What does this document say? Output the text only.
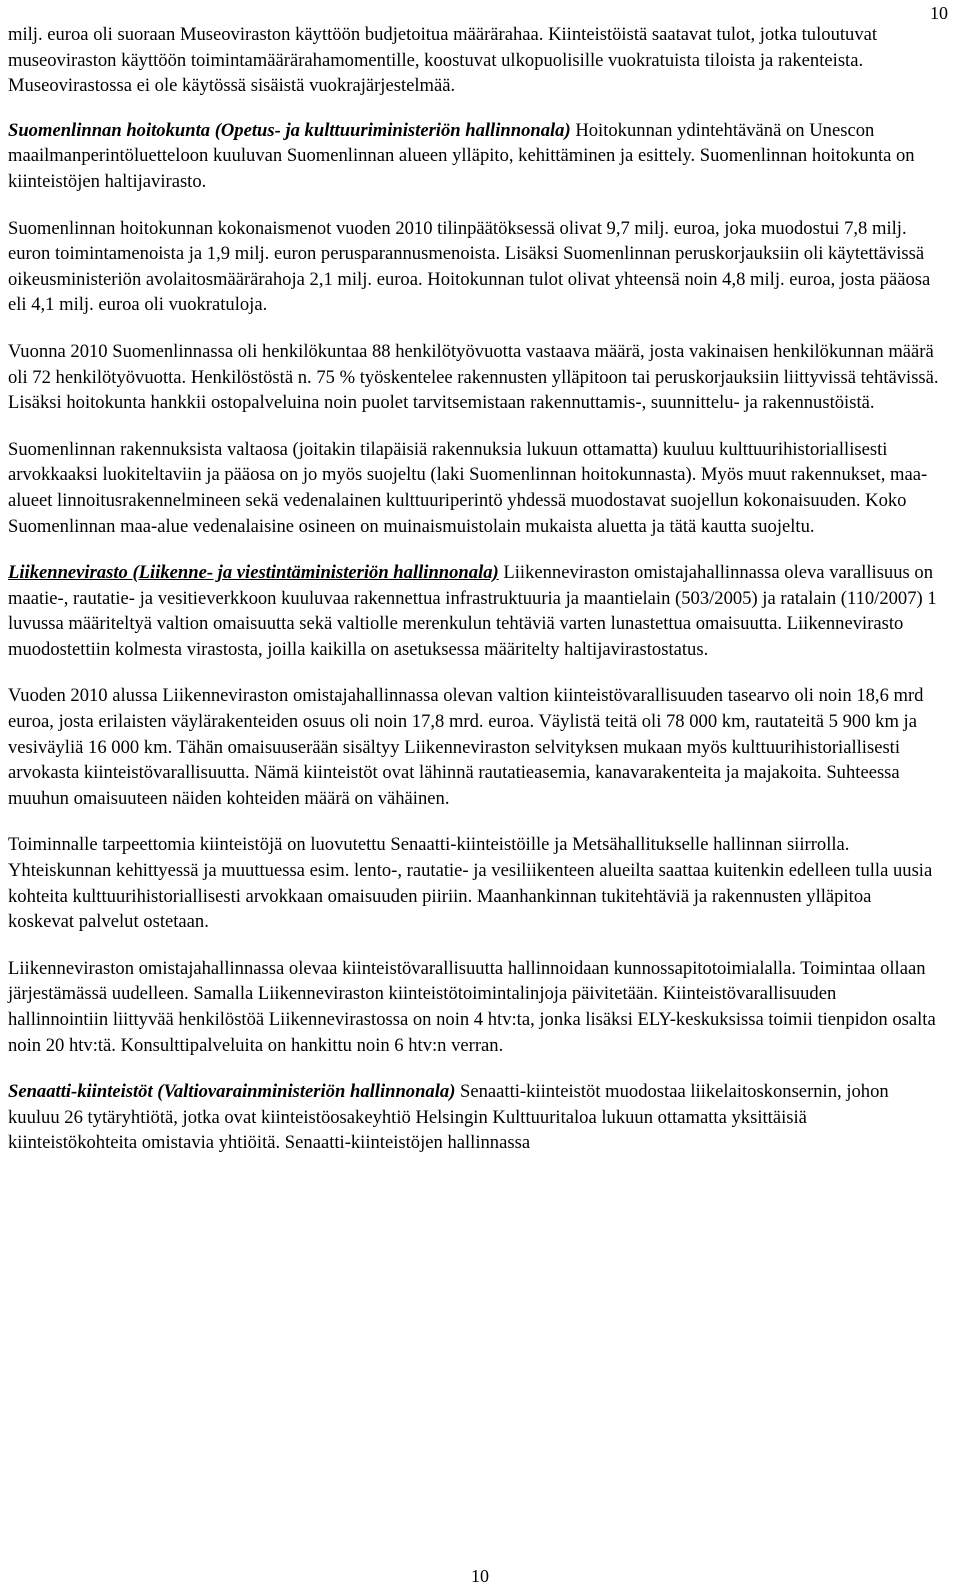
10

milj. euroa oli suoraan Museoviraston käyttöön budjetoitua määrärahaa. Kiinteistöistä saatavat tulot, jotka tuloutuvat museoviraston käyttöön toimintamäärärahamomentille, koostuvat ulkopuolisille vuokratuista tiloista ja rakenteista. Museovirastossa ei ole käytössä sisäistä vuokrajärjestelmää.

Suomenlinnan hoitokunta (Opetus- ja kulttuuriministeriön hallinnonala) Hoitokunnan ydintehtävänä on Unescon maailmanperintöluetteloon kuuluvan Suomenlinnan alueen ylläpito, kehittäminen ja esittely. Suomenlinnan hoitokunta on kiinteistöjen haltijavirasto.

Suomenlinnan hoitokunnan kokonaismenot vuoden 2010 tilinpäätöksessä olivat 9,7 milj. euroa, joka muodostui 7,8 milj. euron toimintamenoista ja 1,9 milj. euron perusparannusmenoista. Lisäksi Suomenlinnan peruskorjauksiin oli käytettävissä oikeusministeriön avolaitosmäärärahoja 2,1 milj. euroa. Hoitokunnan tulot olivat yhteensä noin 4,8 milj. euroa, josta pääosa eli 4,1 milj. euroa oli vuokratuloja.

Vuonna 2010 Suomenlinnassa oli henkilökuntaa 88 henkilötyövuotta vastaava määrä, josta vakinaisen henkilökunnan määrä oli 72 henkilötyövuotta. Henkilöstöstä n. 75 % työskentelee rakennusten ylläpitoon tai peruskorjauksiin liittyvissä tehtävissä. Lisäksi hoitokunta hankkii ostopalveluina noin puolet tarvitsemistaan rakennuttamis-, suunnittelu- ja rakennustöistä.

Suomenlinnan rakennuksista valtaosa (joitakin tilapäisiä rakennuksia lukuun ottamatta) kuuluu kulttuurihistoriallisesti arvokkaaksi luokiteltaviin ja pääosa on jo myös suojeltu (laki Suomenlinnan hoitokunnasta). Myös muut rakennukset, maa-alueet linnoitusrakennelmineen sekä vedenalainen kulttuuriperintö yhdessä muodostavat suojellun kokonaisuuden. Koko Suomenlinnan maa-alue vedenalaisine osineen on muinaismuistolain mukaista aluetta ja tätä kautta suojeltu.

Liikennevirasto (Liikenne- ja viestintäministeriön hallinnonala) Liikenneviraston omistajahallinnassa oleva varallisuus on maatie-, rautatie- ja vesitieverkkoon kuuluvaa rakennettua infrastruktuuria ja maantielain (503/2005) ja ratalain (110/2007) 1 luvussa määriteltyä valtion omaisuutta sekä valtiolle merenkulun tehtäviä varten lunastettua omaisuutta. Liikennevirasto muodostettiin kolmesta virastosta, joilla kaikilla on asetuksessa määritelty haltijavirastostatus.

Vuoden 2010 alussa Liikenneviraston omistajahallinnassa olevan valtion kiinteistövarallisuuden tasearvo oli noin 18,6 mrd euroa, josta erilaisten väylärakenteiden osuus oli noin 17,8 mrd. euroa. Väylistä teitä oli 78 000 km, rautateitä 5 900 km ja vesiväyliä 16 000 km. Tähän omaisuuserään sisältyy Liikenneviraston selvityksen mukaan myös kulttuurihistoriallisesti arvokasta kiinteistövarallisuutta. Nämä kiinteistöt ovat lähinnä rautatieasemia, kanavarakenteita ja majakoita. Suhteessa muuhun omaisuuteen näiden kohteiden määrä on vähäinen.

Toiminnalle tarpeettomia kiinteistöjä on luovutettu Senaatti-kiinteistöille ja Metsähallitukselle hallinnan siirrolla. Yhteiskunnan kehittyessä ja muuttuessa esim. lento-, rautatie- ja vesiliikenteen alueilta saattaa kuitenkin edelleen tulla uusia kohteita kulttuurihistoriallisesti arvokkaan omaisuuden piiriin. Maanhankinnan tukitehtäviä ja rakennusten ylläpitoa koskevat palvelut ostetaan.

Liikenneviraston omistajahallinnassa olevaa kiinteistövarallisuutta hallinnoidaan kunnossapitotoimialalla. Toimintaa ollaan järjestämässä uudelleen. Samalla Liikenneviraston kiinteistötoimintalinjoja päivitetään. Kiinteistövarallisuuden hallinnointiin liittyvää henkilöstöä Liikennevirastossa on noin 4 htv:ta, jonka lisäksi ELY-keskuksissa toimii tienpidon osalta noin 20 htv:tä. Konsulttipalveluita on hankittu noin 6 htv:n verran.

Senaatti-kiinteistöt (Valtiovarainministeriön hallinnonala) Senaatti-kiinteistöt muodostaa liikelaitoskonsernin, johon kuuluu 26 tytäryhtiötä, jotka ovat kiinteistöosakeyhtiö Helsingin Kulttuuritaloa lukuun ottamatta yksittäisiä kiinteistökohteita omistavia yhtiöitä. Senaatti-kiinteistöjen hallinnassa

10
